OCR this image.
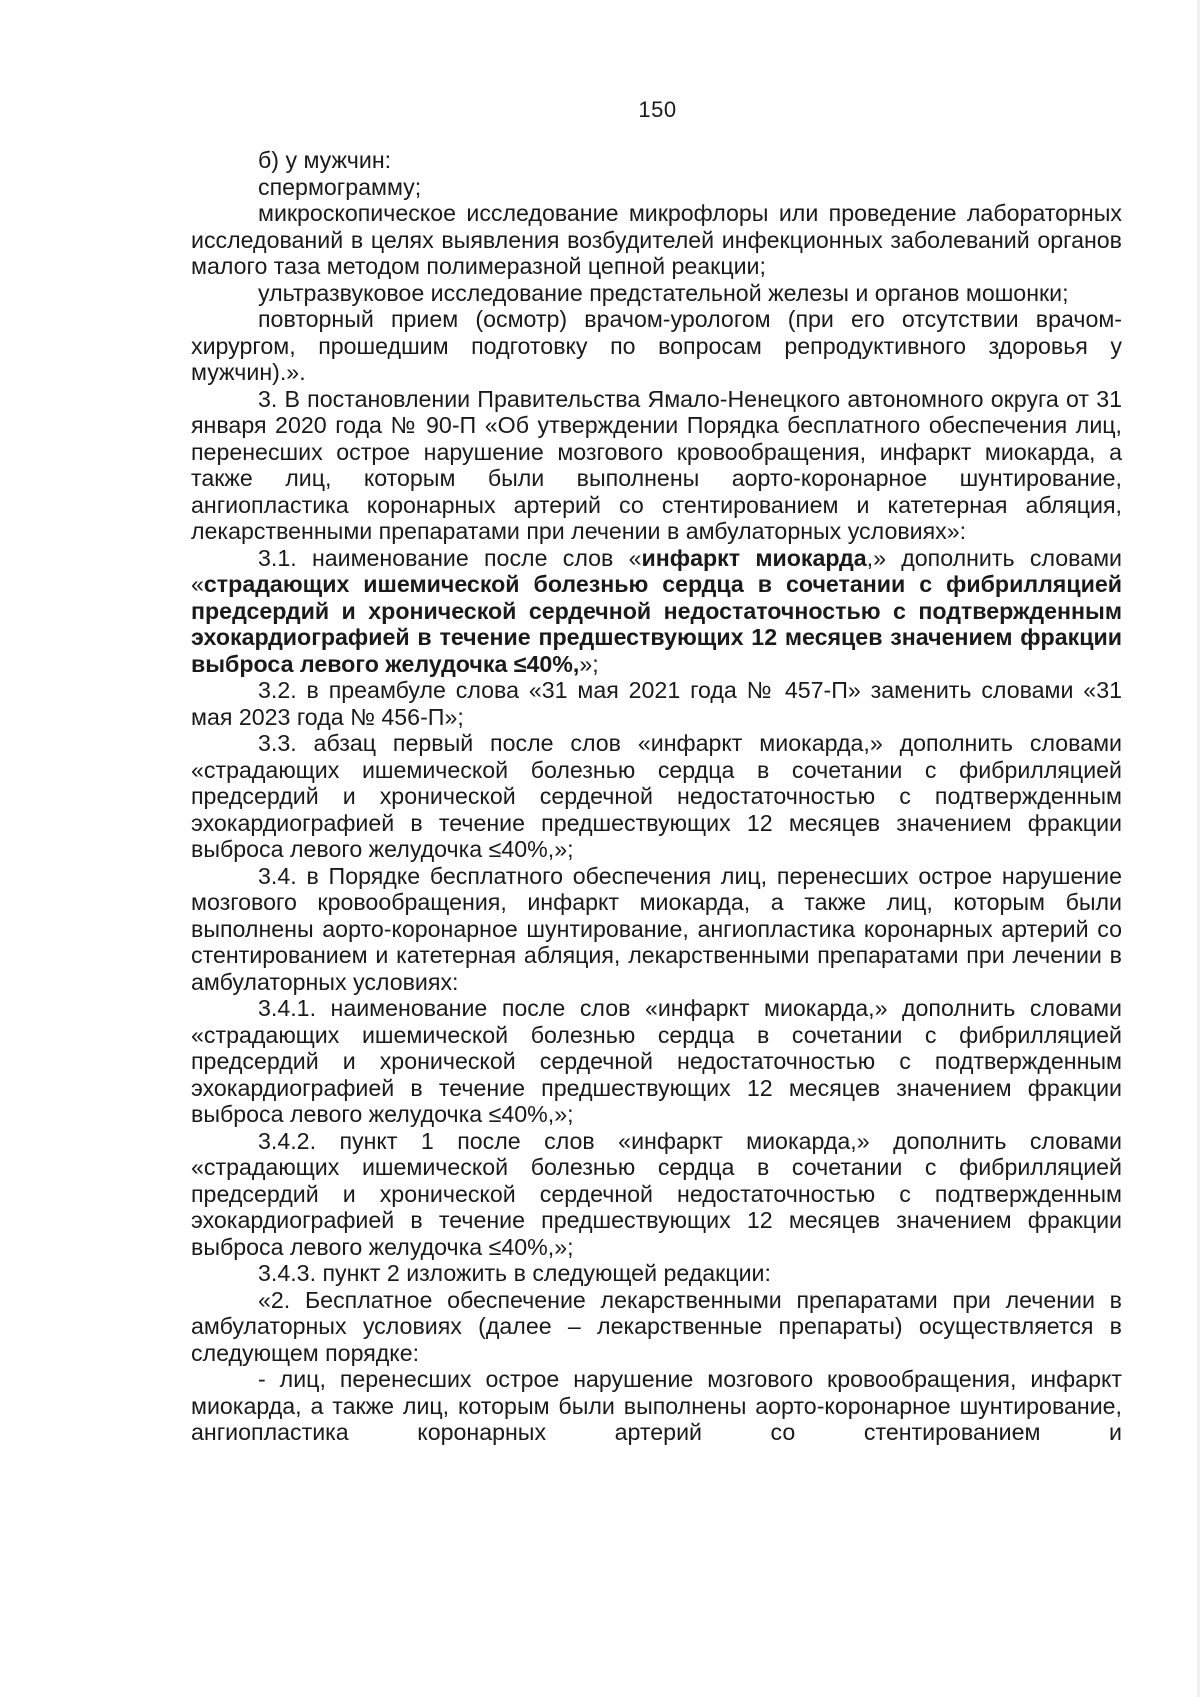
150

б) у мужчин:

спермограмму;

микроскопическое исследование микрофлоры или проведение лабораторных исследований в целях выявления возбудителей инфекционных заболеваний органов малого таза методом полимеразной цепной реакции;

ультразвуковое исследование предстательной железы и органов мошонки;

повторный прием (осмотр) врачом-урологом (при его отсутствии врачом-хирургом, прошедшим подготовку по вопросам репродуктивного здоровья у мужчин).».

3. В постановлении Правительства Ямало-Ненецкого автономного округа от 31 января 2020 года № 90-П «Об утверждении Порядка бесплатного обеспечения лиц, перенесших острое нарушение мозгового кровообращения, инфаркт миокарда, а также лиц, которым были выполнены аорто-коронарное шунтирование, ангиопластика коронарных артерий со стентированием и катетерная абляция, лекарственными препаратами при лечении в амбулаторных условиях»:

3.1. наименование после слов «инфаркт миокарда,» дополнить словами «страдающих ишемической болезнью сердца в сочетании с фибрилляцией предсердий и хронической сердечной недостаточностью с подтвержденным эхокардиографией в течение предшествующих 12 месяцев значением фракции выброса левого желудочка ≤40%,»;

3.2. в преамбуле слова «31 мая 2021 года № 457-П» заменить словами «31 мая 2023 года № 456-П»;

3.3. абзац первый после слов «инфаркт миокарда,» дополнить словами «страдающих ишемической болезнью сердца в сочетании с фибрилляцией предсердий и хронической сердечной недостаточностью с подтвержденным эхокардиографией в течение предшествующих 12 месяцев значением фракции выброса левого желудочка ≤40%,»;

3.4. в Порядке бесплатного обеспечения лиц, перенесших острое нарушение мозгового кровообращения, инфаркт миокарда, а также лиц, которым были выполнены аорто-коронарное шунтирование, ангиопластика коронарных артерий со стентированием и катетерная абляция, лекарственными препаратами при лечении в амбулаторных условиях:

3.4.1. наименование после слов «инфаркт миокарда,» дополнить словами «страдающих ишемической болезнью сердца в сочетании с фибрилляцией предсердий и хронической сердечной недостаточностью с подтвержденным эхокардиографией в течение предшествующих 12 месяцев значением фракции выброса левого желудочка ≤40%,»;

3.4.2. пункт 1 после слов «инфаркт миокарда,» дополнить словами «страдающих ишемической болезнью сердца в сочетании с фибрилляцией предсердий и хронической сердечной недостаточностью с подтвержденным эхокардиографией в течение предшествующих 12 месяцев значением фракции выброса левого желудочка ≤40%,»;

3.4.3. пункт 2 изложить в следующей редакции:

«2. Бесплатное обеспечение лекарственными препаратами при лечении в амбулаторных условиях (далее – лекарственные препараты) осуществляется в следующем порядке:

- лиц, перенесших острое нарушение мозгового кровообращения, инфаркт миокарда, а также лиц, которым были выполнены аорто-коронарное шунтирование, ангиопластика коронарных артерий со стентированием и
